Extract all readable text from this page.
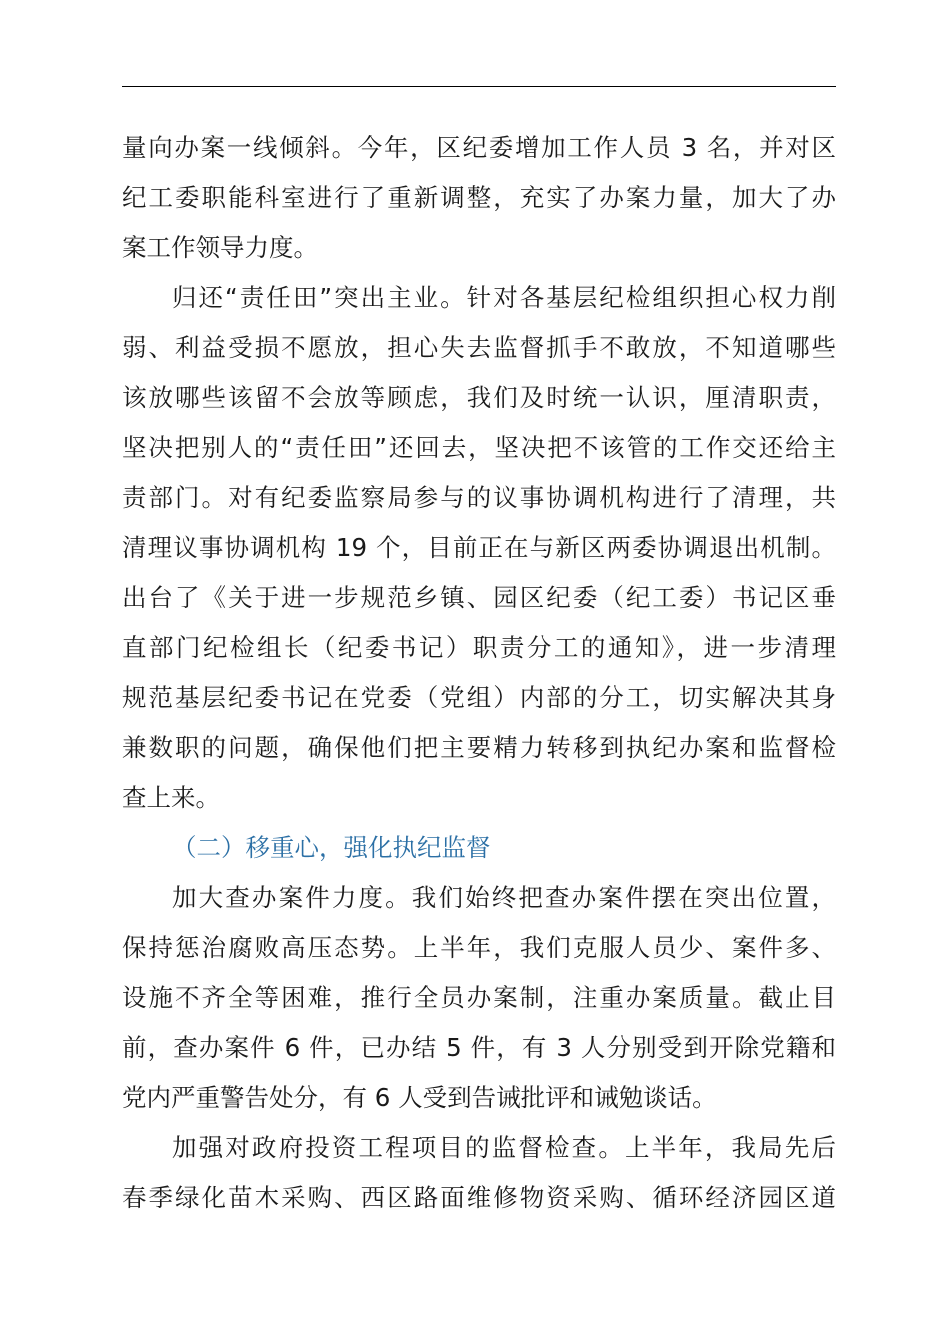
量向办案一线倾斜。今年，区纪委增加工作人员 3 名，并对区
纪工委职能科室进行了重新调整，充实了办案力量，加大了办
案工作领导力度。
归还“责任田”突出主业。针对各基层纪检组织担心权力削
弱、利益受损不愿放，担心失去监督抓手不敢放，不知道哪些
该放哪些该留不会放等顾虑，我们及时统一认识，厘清职责，
坚决把别人的“责任田”还回去，坚决把不该管的工作交还给主
责部门。对有纪委监察局参与的议事协调机构进行了清理，共
清理议事协调机构 19 个，目前正在与新区两委协调退出机制。
出台了《关于进一步规范乡镇、园区纪委（纪工委）书记区垂
直部门纪检组长（纪委书记）职责分工的通知》，进一步清理
规范基层纪委书记在党委（党组）内部的分工，切实解决其身
兼数职的问题，确保他们把主要精力转移到执纪办案和监督检
查上来。
（二）移重心，强化执纪监督
加大查办案件力度。我们始终把查办案件摆在突出位置，
保持惩治腐败高压态势。上半年，我们克服人员少、案件多、
设施不齐全等困难，推行全员办案制，注重办案质量。截止目
前，查办案件 6 件，已办结 5 件，有 3 人分别受到开除党籍和
党内严重警告处分，有 6 人受到告诫批评和诫勉谈话。
加强对政府投资工程项目的监督检查。上半年，我局先后
春季绿化苗木采购、西区路面维修物资采购、循环经济园区道
